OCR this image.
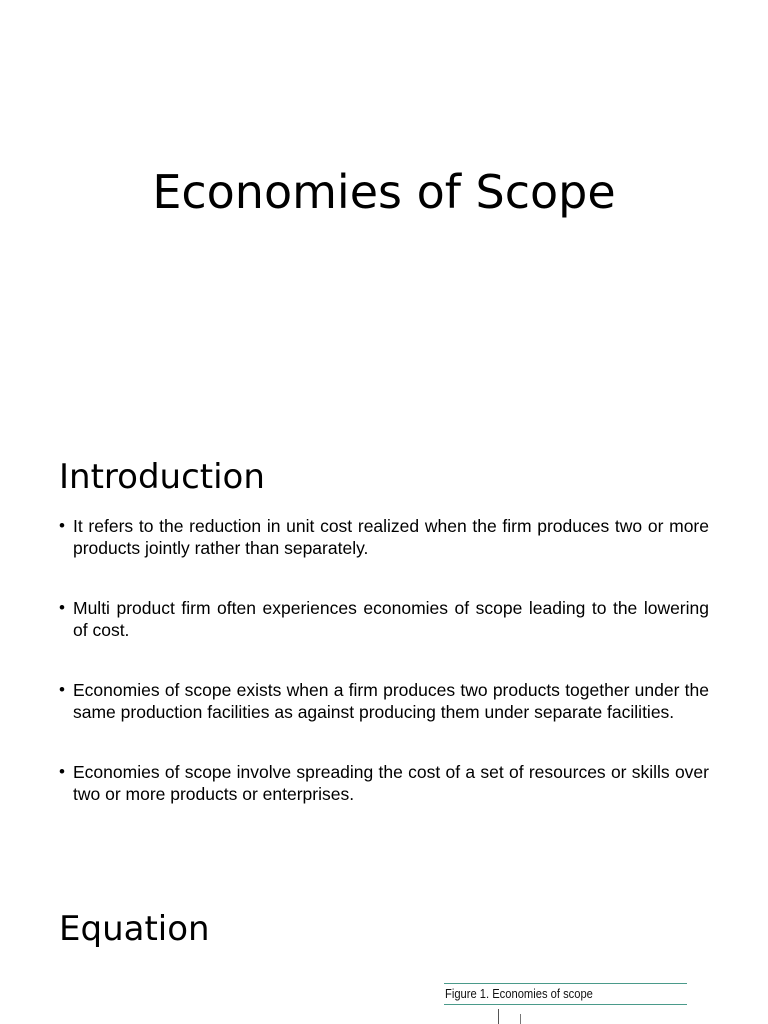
Economies of Scope
Introduction
• It refers to the reduction in unit cost realized when the firm produces two or more products jointly rather than separately.
• Multi product firm often experiences economies of scope leading to the lowering of cost.
• Economies of scope exists when a firm produces two products together under the same production facilities as against producing them under separate facilities.
• Economies of scope involve spreading the cost of a set of resources or skills over two or more products or enterprises.
Equation
Figure 1. Economies of scope
